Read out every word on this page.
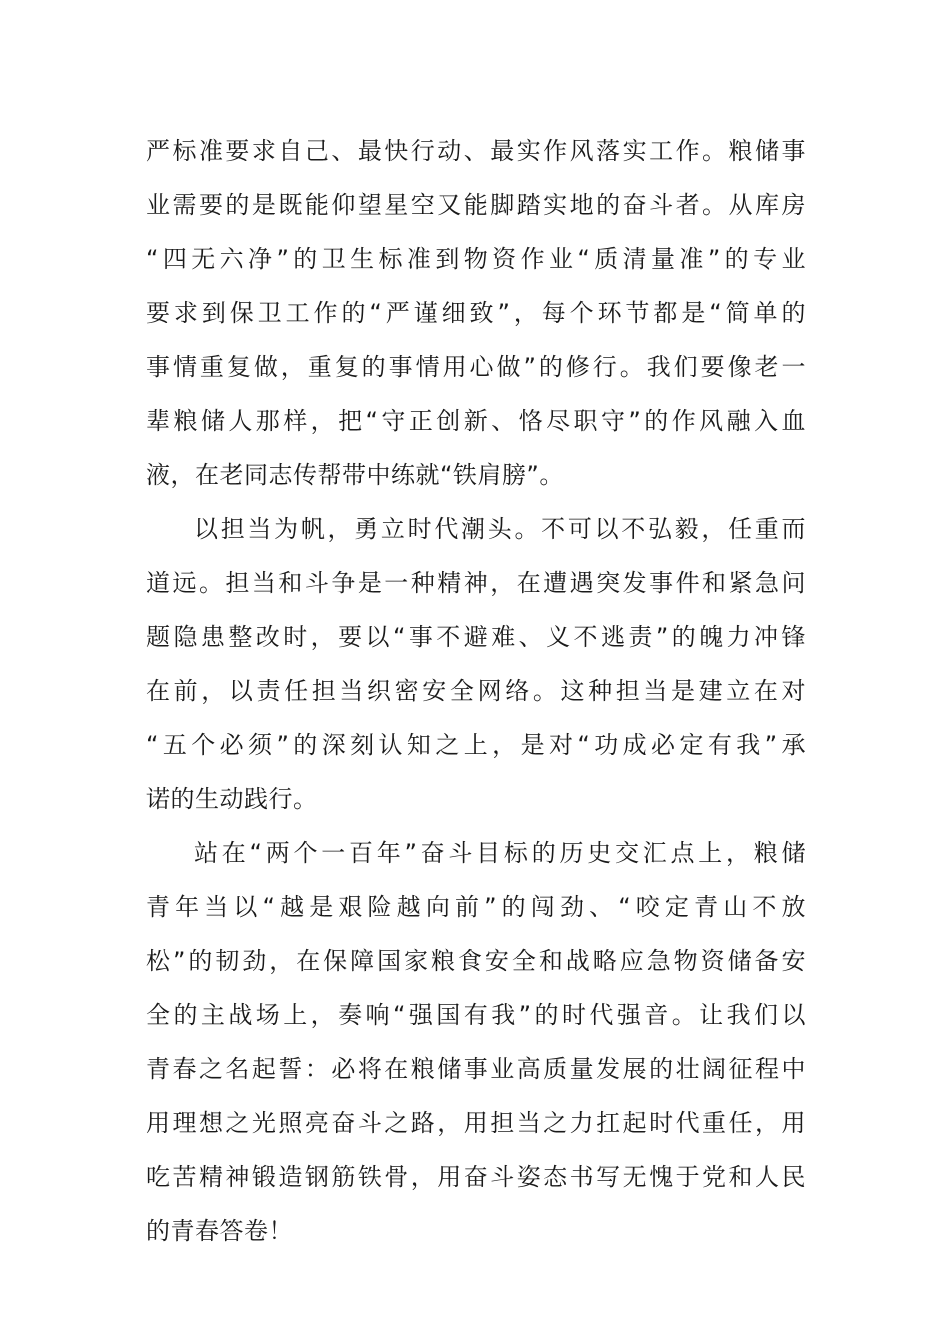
严标准要求自己、最快行动、最实作风落实工作。粮储事
业需要的是既能仰望星空又能脚踏实地的奋斗者。从库房
“四无六净”的卫生标准到物资作业“质清量准”的专业
要求到保卫工作的“严谨细致”，每个环节都是“简单的
事情重复做，重复的事情用心做”的修行。我们要像老一
辈粮储人那样，把“守正创新、恪尽职守”的作风融入血
液，在老同志传帮带中练就“铁肩膀”。
以担当为帆，勇立时代潮头。不可以不弘毅，任重而
道远。担当和斗争是一种精神，在遭遇突发事件和紧急问
题隐患整改时，要以“事不避难、义不逃责”的魄力冲锋
在前，以责任担当织密安全网络。这种担当是建立在对
“五个必须”的深刻认知之上，是对“功成必定有我”承
诺的生动践行。
站在“两个一百年”奋斗目标的历史交汇点上，粮储
青年当以“越是艰险越向前”的闯劲、“咬定青山不放
松”的韧劲，在保障国家粮食安全和战略应急物资储备安
全的主战场上，奏响“强国有我”的时代强音。让我们以
青春之名起誓：必将在粮储事业高质量发展的壮阔征程中
用理想之光照亮奋斗之路，用担当之力扛起时代重任，用
吃苦精神锻造钢筋铁骨，用奋斗姿态书写无愧于党和人民
的青春答卷！
